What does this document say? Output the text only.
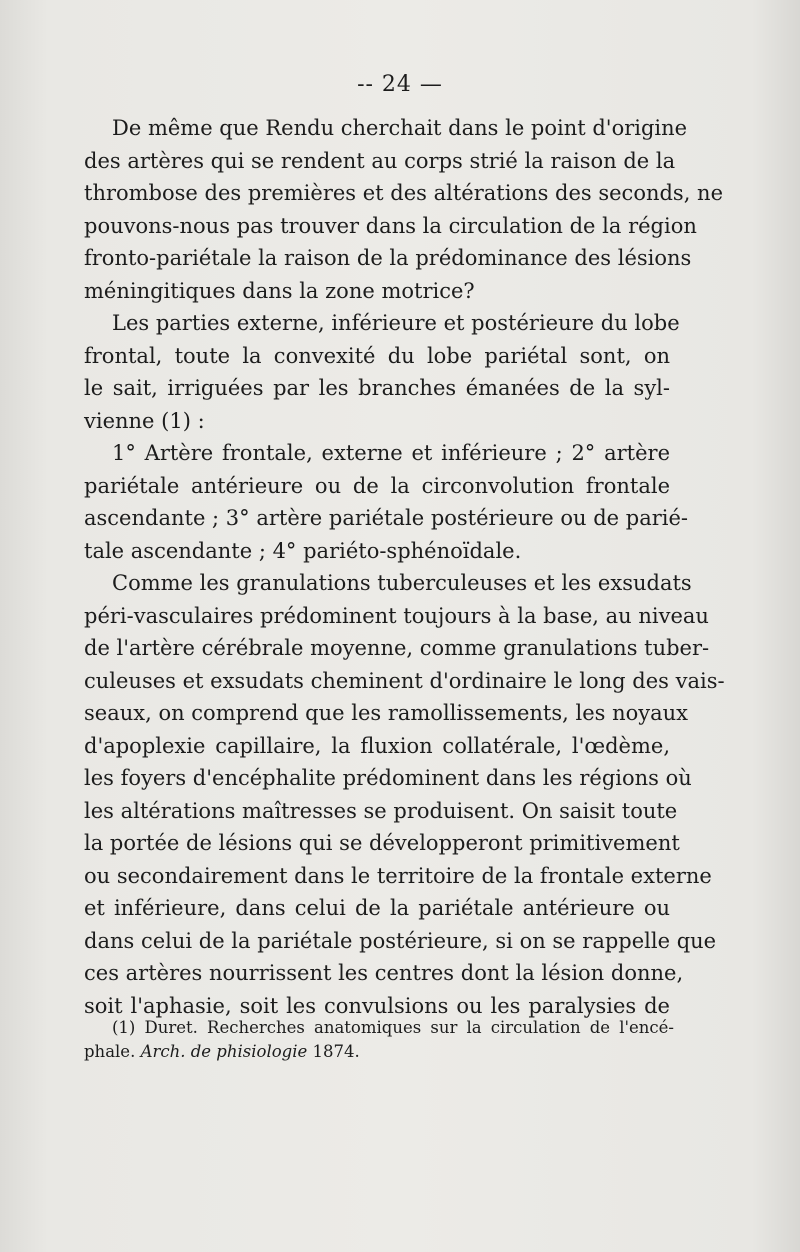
-- 24 —

De même que Rendu cherchait dans le point d'origine
des artères qui se rendent au corps strié la raison de la
thrombose des premières et des altérations des seconds, ne
pouvons-nous pas trouver dans la circulation de la région
fronto-pariétale la raison de la prédominance des lésions
méningitiques dans la zone motrice?

Les parties externe, inférieure et postérieure du lobe
frontal, toute la convexité du lobe pariétal sont, on
le sait, irriguées par les branches émanées de la syl-
vienne (1) :

1° Artère frontale, externe et inférieure ; 2° artère
pariétale antérieure ou de la circonvolution frontale
ascendante ; 3° artère pariétale postérieure ou de parié-
tale ascendante ; 4° pariéto-sphénoïdale.

Comme les granulations tuberculeuses et les exsudats
péri-vasculaires prédominent toujours à la base, au niveau
de l'artère cérébrale moyenne, comme granulations tuber-
culeuses et exsudats cheminent d'ordinaire le long des vais-
seaux, on comprend que les ramollissements, les noyaux
d'apoplexie capillaire, la fluxion collatérale, l'œdème,
les foyers d'encéphalite prédominent dans les régions où
les altérations maîtresses se produisent. On saisit toute
la portée de lésions qui se développeront primitivement
ou secondairement dans le territoire de la frontale externe
et inférieure, dans celui de la pariétale antérieure ou
dans celui de la pariétale postérieure, si on se rappelle que
ces artères nourrissent les centres dont la lésion donne,
soit l'aphasie, soit les convulsions ou les paralysies de

(1) Duret. Recherches anatomiques sur la circulation de l'encé-
phale. Arch. de phisiologie 1874.
